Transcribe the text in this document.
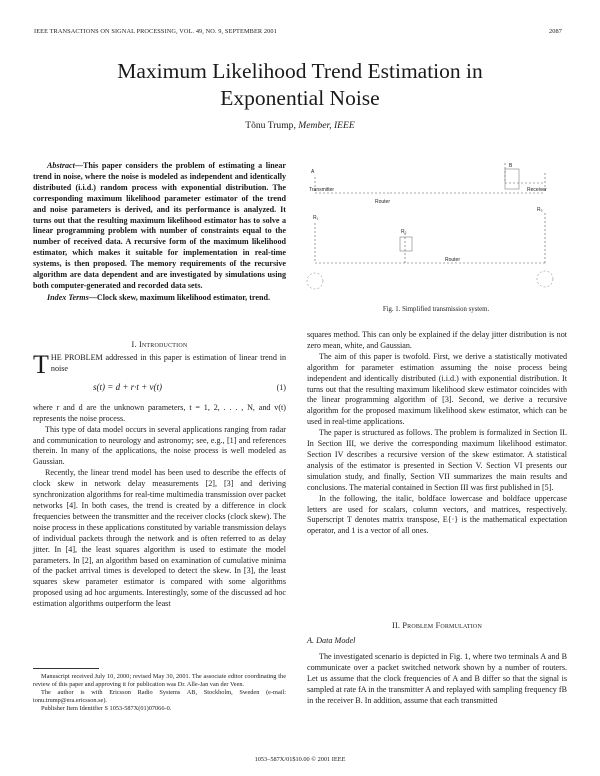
IEEE TRANSACTIONS ON SIGNAL PROCESSING, VOL. 49, NO. 9, SEPTEMBER 2001	2087
Maximum Likelihood Trend Estimation in
Exponential Noise
Tõnu Trump, Member, IEEE

Abstract—This paper considers the problem of estimating a linear trend in noise, where the noise is modeled as independent and identically distributed (i.i.d.) random process with exponential distribution. The corresponding maximum likelihood parameter estimator of the trend and noise parameters is derived, and its performance is analyzed. It turns out that the resulting maximum likelihood estimator has to solve a linear programming problem with number of constraints equal to the number of received data. A recursive form of the maximum likelihood estimator, which makes it suitable for implementation in real-time systems, is then proposed. The memory requirements of the recursive algorithm are data dependent and are investigated by simulations using both computer-generated and recorded data sets.

Index Terms—Clock skew, maximum likelihood estimator, trend.

Transmitter	Receiver
Router
Router
A
B
R₁
R₂
R₃
Fig. 1. Simplified transmission system.
I. Introduction

THE PROBLEM addressed in this paper is estimation of linear trend in noise

s(t) = d + r·t + v(t)	(1)

where r and d are the unknown parameters, t = 1, 2, . . . , N, and v(t) represents the noise process.

This type of data model occurs in several applications ranging from radar and communication to neurology and astronomy; see, e.g., [1] and references therein. In many of the applications, the noise process is well modeled as Gaussian.

Recently, the linear trend model has been used to describe the effects of clock skew in network delay measurements [2], [3] and deriving synchronization algorithms for real-time multimedia transmission over packet networks [4]. In both cases, the trend is created by a difference in clock frequencies between the transmitter and the receiver clocks (clock skew). The noise process in these applications constituted by variable transmission delays of individual packets through the network and is often referred to as delay jitter. In [4], the least squares algorithm is used to estimate the model parameters. In [2], an algorithm based on examination of cumulative minima of the packet arrival times is developed to detect the skew. In [3], the least squares skew parameter estimator is compared with some algorithms proposed using ad hoc arguments. Interestingly, some of the discussed ad hoc estimation algorithms outperform the least

Manuscript received July 10, 2000; revised May 30, 2001. The associate editor coordinating the review of this paper and approving it for publication was Dr. Alle-Jan van der Veen.

The author is with Ericsson Radio Systems AB, Stockholm, Sweden (e-mail: tonu.trump@era.ericsson.se).

Publisher Item Identifier S 1053-587X(01)07066-0.

squares method. This can only be explained if the delay jitter distribution is not zero mean, white, and Gaussian.

The aim of this paper is twofold. First, we derive a statistically motivated algorithm for parameter estimation assuming the noise process being independent and identically distributed (i.i.d.) with exponential distribution. It turns out that the resulting maximum likelihood skew estimator coincides with the linear programming algorithm of [3]. Second, we derive a recursive algorithm for the proposed maximum likelihood skew estimator, which can be used in real-time applications.

The paper is structured as follows. The problem is formalized in Section II. In Section III, we derive the corresponding maximum likelihood estimator. Section IV describes a recursive version of the skew estimator. A statistical analysis of the estimator is presented in Section V. Section VI presents our simulation study, and finally, Section VII summarizes the main results and conclusions. The material contained in Section III was first published in [5].

In the following, the italic, boldface lowercase and boldface uppercase letters are used for scalars, column vectors, and matrices, respectively. Superscript T denotes matrix transpose, E{·} is the mathematical expectation operator, and 1 is a vector of all ones.

II. Problem Formulation
A. Data Model

The investigated scenario is depicted in Fig. 1, where two terminals A and B communicate over a packet switched network shown by a number of routers. Let us assume that the clock frequencies of A and B differ so that the signal is sampled at rate fA in the transmitter A and replayed with sampling frequency fB in the receiver B. In addition, assume that each transmitted

1053–587X/01$10.00 © 2001 IEEE
